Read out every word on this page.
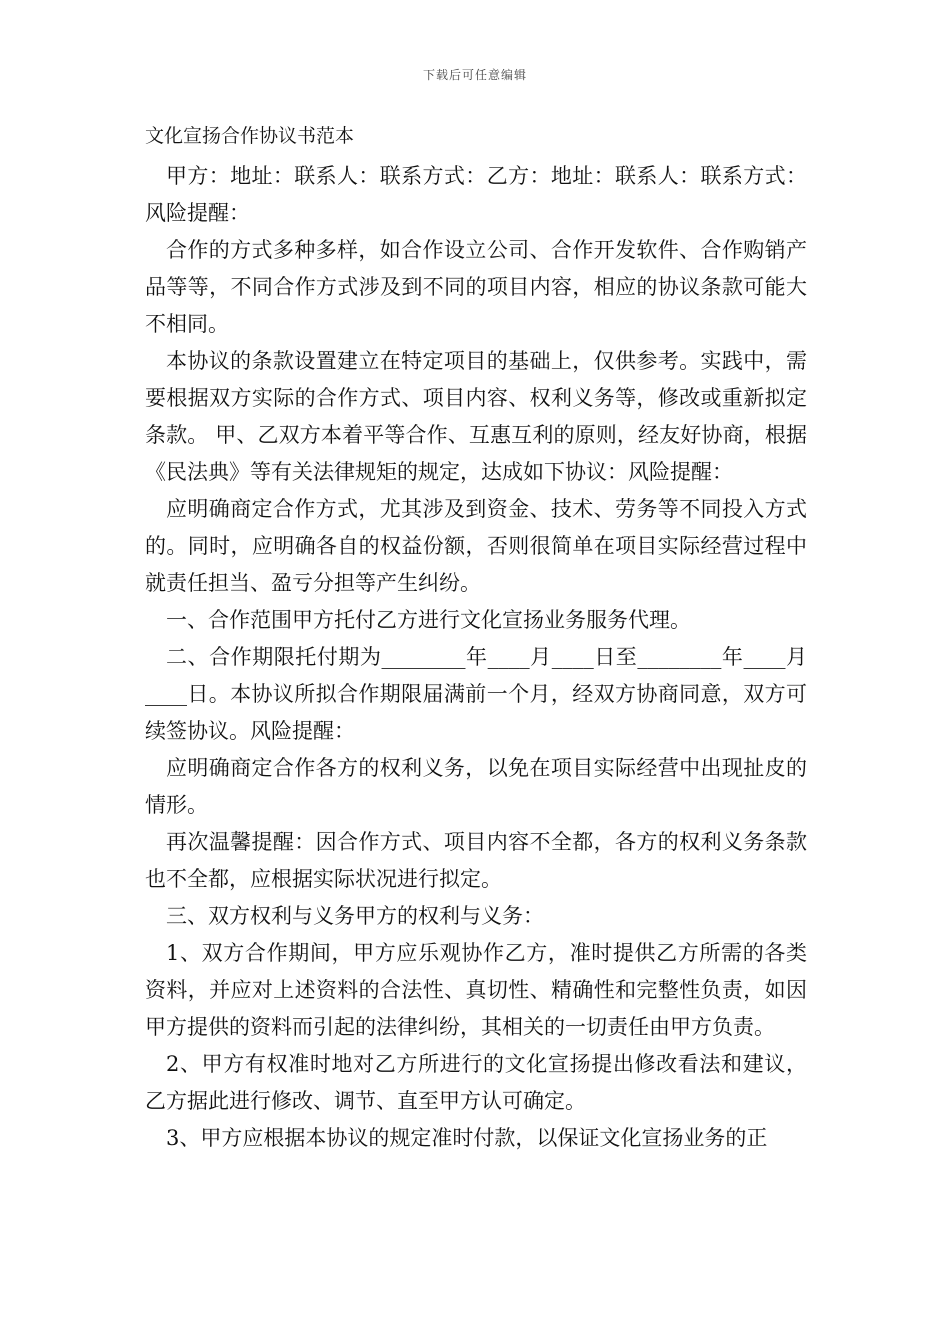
下载后可任意编辑
文化宣扬合作协议书范本

甲方：地址：联系人：联系方式：乙方：地址：联系人：联系方式：风险提醒：

合作的方式多种多样，如合作设立公司、合作开发软件、合作购销产品等等，不同合作方式涉及到不同的项目内容，相应的协议条款可能大不相同。

本协议的条款设置建立在特定项目的基础上，仅供参考。实践中，需要根据双方实际的合作方式、项目内容、权利义务等，修改或重新拟定条款。 甲、乙双方本着平等合作、互惠互利的原则，经友好协商，根据《民法典》等有关法律规矩的规定，达成如下协议：风险提醒：

应明确商定合作方式，尤其涉及到资金、技术、劳务等不同投入方式的。同时，应明确各自的权益份额，否则很简单在项目实际经营过程中就责任担当、盈亏分担等产生纠纷。

一、合作范围甲方托付乙方进行文化宣扬业务服务代理。

二、合作期限托付期为________年____月____日至________年____月____日。本协议所拟合作期限届满前一个月，经双方协商同意，双方可续签协议。风险提醒：

应明确商定合作各方的权利义务，以免在项目实际经营中出现扯皮的情形。

再次温馨提醒：因合作方式、项目内容不全都，各方的权利义务条款也不全都，应根据实际状况进行拟定。

三、双方权利与义务甲方的权利与义务：

1、双方合作期间，甲方应乐观协作乙方，准时提供乙方所需的各类资料，并应对上述资料的合法性、真切性、精确性和完整性负责，如因甲方提供的资料而引起的法律纠纷，其相关的一切责任由甲方负责。

2、甲方有权准时地对乙方所进行的文化宣扬提出修改看法和建议，乙方据此进行修改、调节、直至甲方认可确定。

3、甲方应根据本协议的规定准时付款，以保证文化宣扬业务的正
